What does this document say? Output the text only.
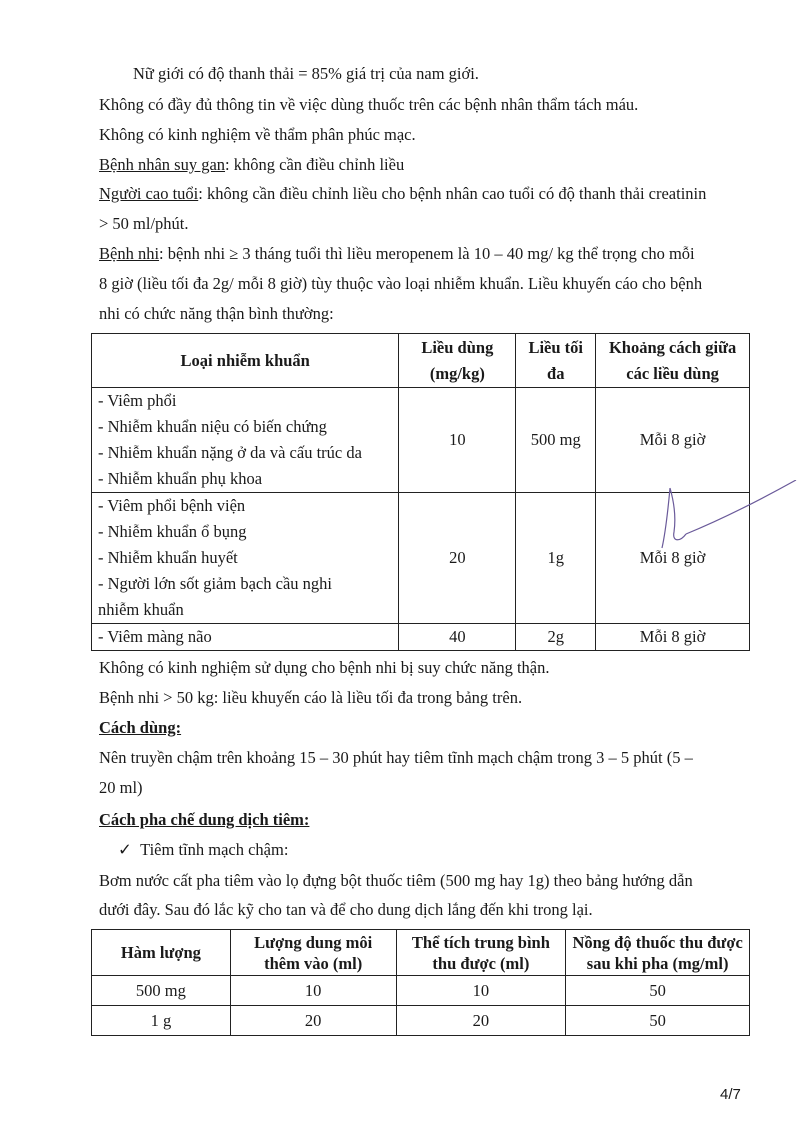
Nữ giới có độ thanh thải = 85% giá trị của nam giới.
Không có đầy đủ thông tin về việc dùng thuốc trên các bệnh nhân thẩm tách máu.
Không có kinh nghiệm về thẩm phân phúc mạc.
Bệnh nhân suy gan: không cần điều chỉnh liều
Người cao tuổi: không cần điều chỉnh liều cho bệnh nhân cao tuổi có độ thanh thải creatinin
> 50 ml/phút.
Bệnh nhi: bệnh nhi ≥ 3 tháng tuổi thì liều meropenem là 10 – 40 mg/ kg thể trọng cho mỗi
8 giờ (liều tối đa 2g/ mỗi 8 giờ) tùy thuộc vào loại nhiễm khuẩn. Liều khuyến cáo cho bệnh
nhi có chức năng thận bình thường:
Loại nhiễm khuẩn	Liều dùng (mg/kg)	Liều tối đa	Khoảng cách giữa các liều dùng

- Viêm phổi
- Nhiễm khuẩn niệu có biến chứng
- Nhiễm khuẩn nặng ở da và cấu trúc da
- Nhiễm khuẩn phụ khoa	10	500 mg	Mỗi 8 giờ

- Viêm phổi bệnh viện
- Nhiễm khuẩn ổ bụng
- Nhiễm khuẩn huyết
- Người lớn sốt giảm bạch cầu nghi
nhiễm khuẩn	20	1g	Mỗi 8 giờ

- Viêm màng não	40	2g	Mỗi 8 giờ
Không có kinh nghiệm sử dụng cho bệnh nhi bị suy chức năng thận.
Bệnh nhi > 50 kg: liều khuyến cáo là liều tối đa trong bảng trên.
Cách dùng:
Nên truyền chậm trên khoảng 15 – 30 phút hay tiêm tĩnh mạch chậm trong 3 – 5 phút (5 –
20 ml)
Cách pha chế dung dịch tiêm:
✓ Tiêm tĩnh mạch chậm:
Bơm nước cất pha tiêm vào lọ đựng bột thuốc tiêm (500 mg hay 1g) theo bảng hướng dẫn
dưới đây. Sau đó lắc kỹ cho tan và để cho dung dịch lắng đến khi trong lại.
Hàm lượng	Lượng dung môi thêm vào (ml)	Thể tích trung bình thu được (ml)	Nồng độ thuốc thu được sau khi pha (mg/ml)
500 mg	10	10	50
1 g	20	20	50
4/7
